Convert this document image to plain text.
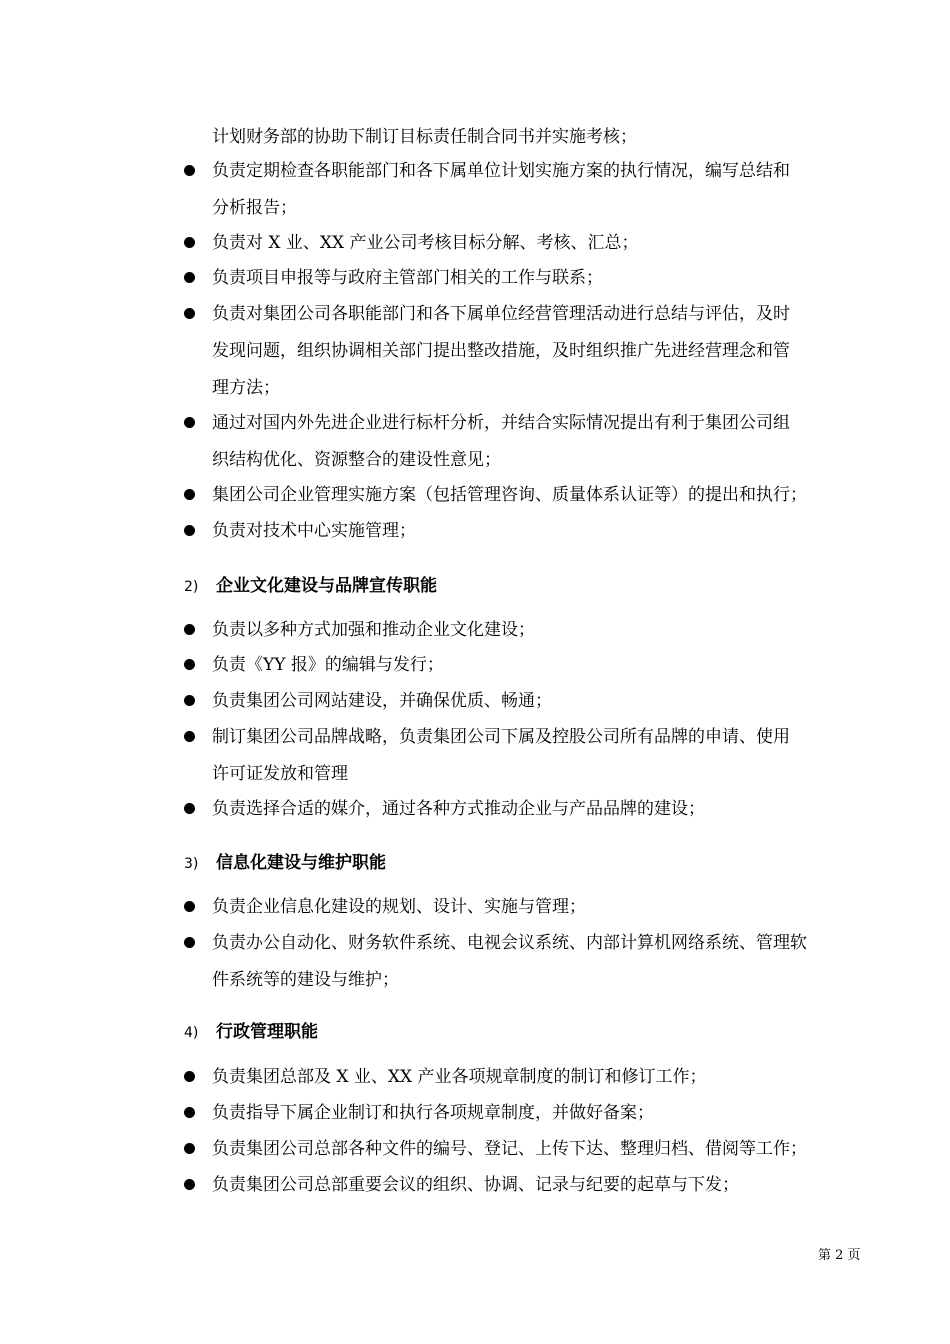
计划财务部的协助下制订目标责任制合同书并实施考核；

负责定期检查各职能部门和各下属单位计划实施方案的执行情况，编写总结和

分析报告；

负责对 X 业、XX 产业公司考核目标分解、考核、汇总；

负责项目申报等与政府主管部门相关的工作与联系；

负责对集团公司各职能部门和各下属单位经营管理活动进行总结与评估，及时

发现问题，组织协调相关部门提出整改措施，及时组织推广先进经营理念和管

理方法；

通过对国内外先进企业进行标杆分析，并结合实际情况提出有利于集团公司组

织结构优化、资源整合的建设性意见；

集团公司企业管理实施方案（包括管理咨询、质量体系认证等）的提出和执行；

负责对技术中心实施管理；

2) 企业文化建设与品牌宣传职能

负责以多种方式加强和推动企业文化建设；

负责《YY 报》的编辑与发行；

负责集团公司网站建设，并确保优质、畅通；

制订集团公司品牌战略，负责集团公司下属及控股公司所有品牌的申请、使用

许可证发放和管理

负责选择合适的媒介，通过各种方式推动企业与产品品牌的建设；

3) 信息化建设与维护职能

负责企业信息化建设的规划、设计、实施与管理；

负责办公自动化、财务软件系统、电视会议系统、内部计算机网络系统、管理软

件系统等的建设与维护；

4) 行政管理职能

负责集团总部及 X 业、XX 产业各项规章制度的制订和修订工作；

负责指导下属企业制订和执行各项规章制度，并做好备案；

负责集团公司总部各种文件的编号、登记、上传下达、整理归档、借阅等工作；

负责集团公司总部重要会议的组织、协调、记录与纪要的起草与下发；

第 2 页
